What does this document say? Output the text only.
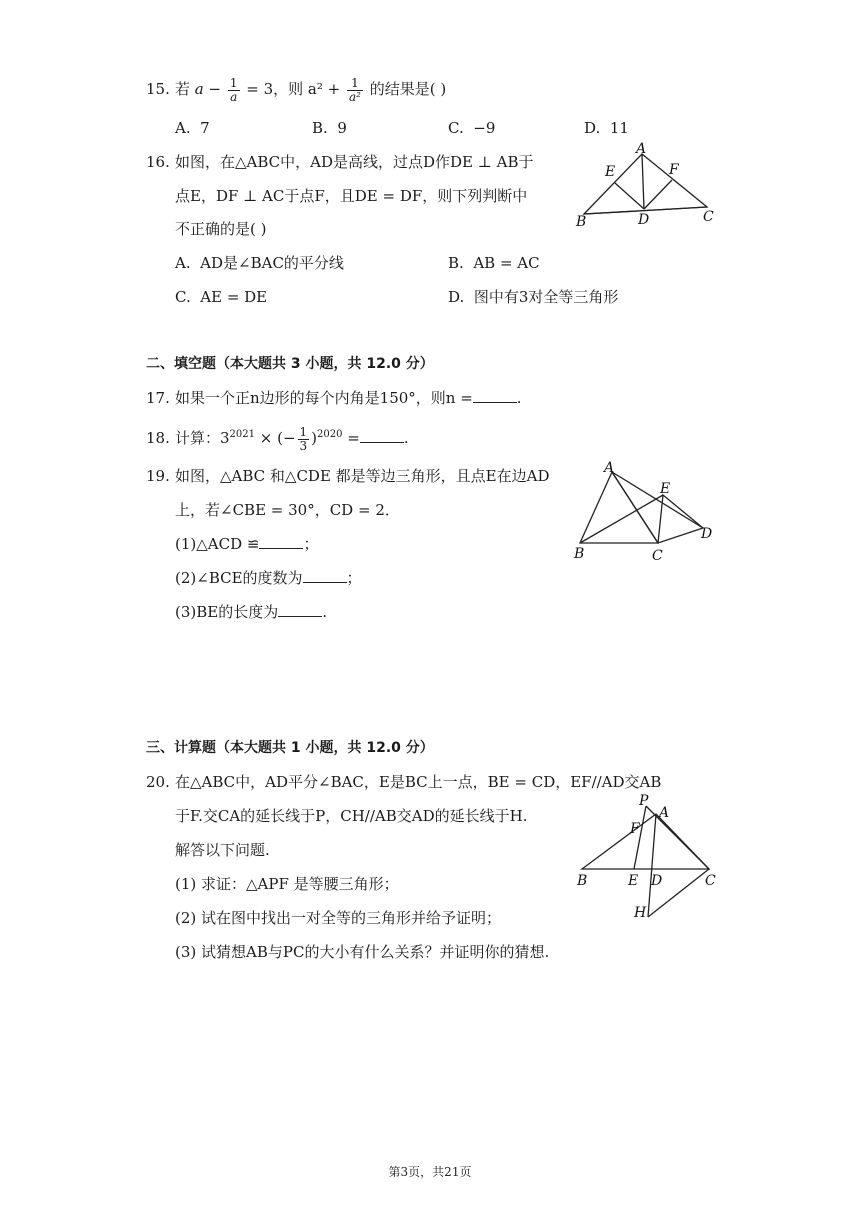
15. 若 $a - \frac{1}{a} = 3$，则 $a^2 + \frac{1}{\text{a²}}$ 的结果是( )
A. 7	B. 9	C. −9	D. 11
16. 如图，在△ABC中，AD是高线，过点D作DE ⊥ AB于
点E，DF ⊥ AC于点F，且DE = DF，则下列判断中
不正确的是( )
A
E	F
B	D	C
A. AD是∠BAC的平分线	B. AB = AC
C. AE = DE	D. 图中有3对全等三角形
二、填空题（本大题共 3 小题，共 12.0 分）
17. 如果一个正n边形的每个内角是150°，则n =	.
18. 计算：$3^{2021}$ × (− $\frac{1}{3} )^{2020}$ =	.
19. 如图，△ABC 和△CDE 都是等边三角形，且点E在边AD
上，若∠CBE = 30°，CD = 2．
(1)△ACD ≌	；
(2)∠BCE的度数为	；
(3)BE的长度为	.
A
E
D
B	C
三、计算题（本大题共 1 小题，共 12.0 分）
20. 在△ABC中，AD平分∠BAC，E是BC上一点，BE = CD，EF//AD交AB
于F.交CA的延长线于P，CH//AB交AD的延长线于H.
解答以下问题.
(1) 求证：△APF 是等腰三角形；
(2) 试在图中找出一对全等的三角形并给予证明；
(3) 试猜想AB与PC的大小有什么关系？并证明你的猜想.
P
A
F
B	E D	C
H
第3页，共21页
